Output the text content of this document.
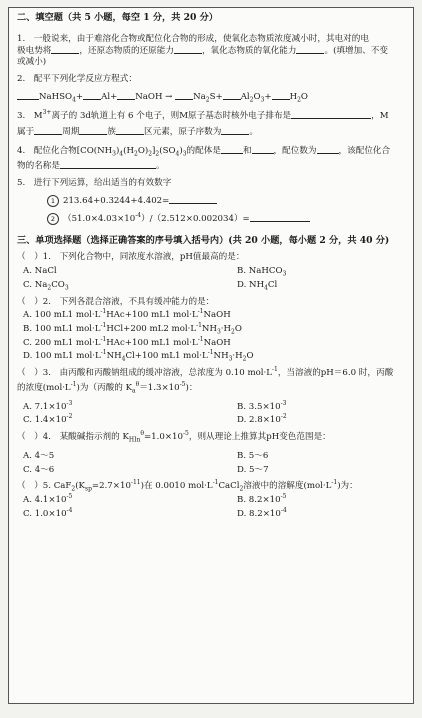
二、填空题（共 5 小题，每空 1 分，共 20 分）
1.　一般说来，由于难溶化合物或配位化合物的形成，使氧化态物质浓度减小时，其电对的电
极电势将	，还原态物质的还原能力	，氧化态物质的氧化能力	。(填增加、不变
或减小)
2.　配平下列化学反应方程式：
NaHSO$_4$+ Al+ NaOH → $Na_2S+ Al_2O_3+ H_2O$
3.　$M^{3+}$离子的 3d轨道上有 6 个电子，则M原子基态时核外电子排布是	，M
属于	周期	族	区元素，原子序数为	。
4.　配位化合物$[CO(NH_3)_4(H_2O)_2]_2(SO_4)_3$的配体是	和	，配位数为	，该配位化合
物的名称是	。
5.　进行下列运算，给出适当的有效数字
1 213.64+0.3244+4.402=
2 $(51.0\times 4.03\times 10^{-4})/(2.512\times 0.002034)=$
三、单项选择题（选择正确答案的序号填入括号内）(共 20 小题，每小题 2 分，共 40 分)
（　）1.　下列化合物中，同浓度水溶液，pH值最高的是：
A. NaCl	B. NaHCO$_3$
C. $Na_2CO_3$	D. $NH_4Cl$
（　）2.　下列各混合溶液，不具有缓冲能力的是：
A. 100 mL1 $mol\cdot L^{-1}HAc+100$ mL1 $mol\cdot L^{-1}NaOH$
B. 100 mL1 $mol\cdot L^{-1}HCl+200$ mL2 $mol\cdot L^{-1}NH_3\cdot H_2O$
C. 200 mL1 $mol\cdot L^{-1}HAc+100$ mL1 $mol\cdot L^{-1}NaOH$
D. 100 mL1 $mol\cdot L^{-1}NH_4Cl+100$ mL1 $mol\cdot L^{-1}NH_3\cdot H_2O$
（　）3.　由丙酸和丙酸钠组成的缓冲溶液，总浓度为 0.10 $mol\cdot L^{-1}$，当溶液的pH＝6.0 时，丙酸
的浓度$(mol\cdot L^{-1})$为（丙酸的 $K_a^\theta=1.3\times 10^{-5}$)：
A. $7.1\times 10^{-3}$	B. $3.5\times 10^{-3}$
C. $1.4\times 10^{-2}$	D. $2.8\times 10^{-2}$
（　）4.　某酸碱指示剂的 $K_{HIn}^\theta=1.0\times 10^{-5}$，则从理论上推算其pH变色范围是：
A. 4～5	B. 5～6
C. 4～6	D. 5～7
（　）5. $CaF_2(K_{sp}=2.7\times 10^{-11})$在 0.0010 $mol\cdot L^{-1}CaCl_2$溶液中的溶解度$(mol\cdot L^{-1})$为：
A. $4.1\times 10^{-5}$	B. $8.2\times 10^{-5}$
C. $1.0\times 10^{-4}$	D. $8.2\times 10^{-4}$
